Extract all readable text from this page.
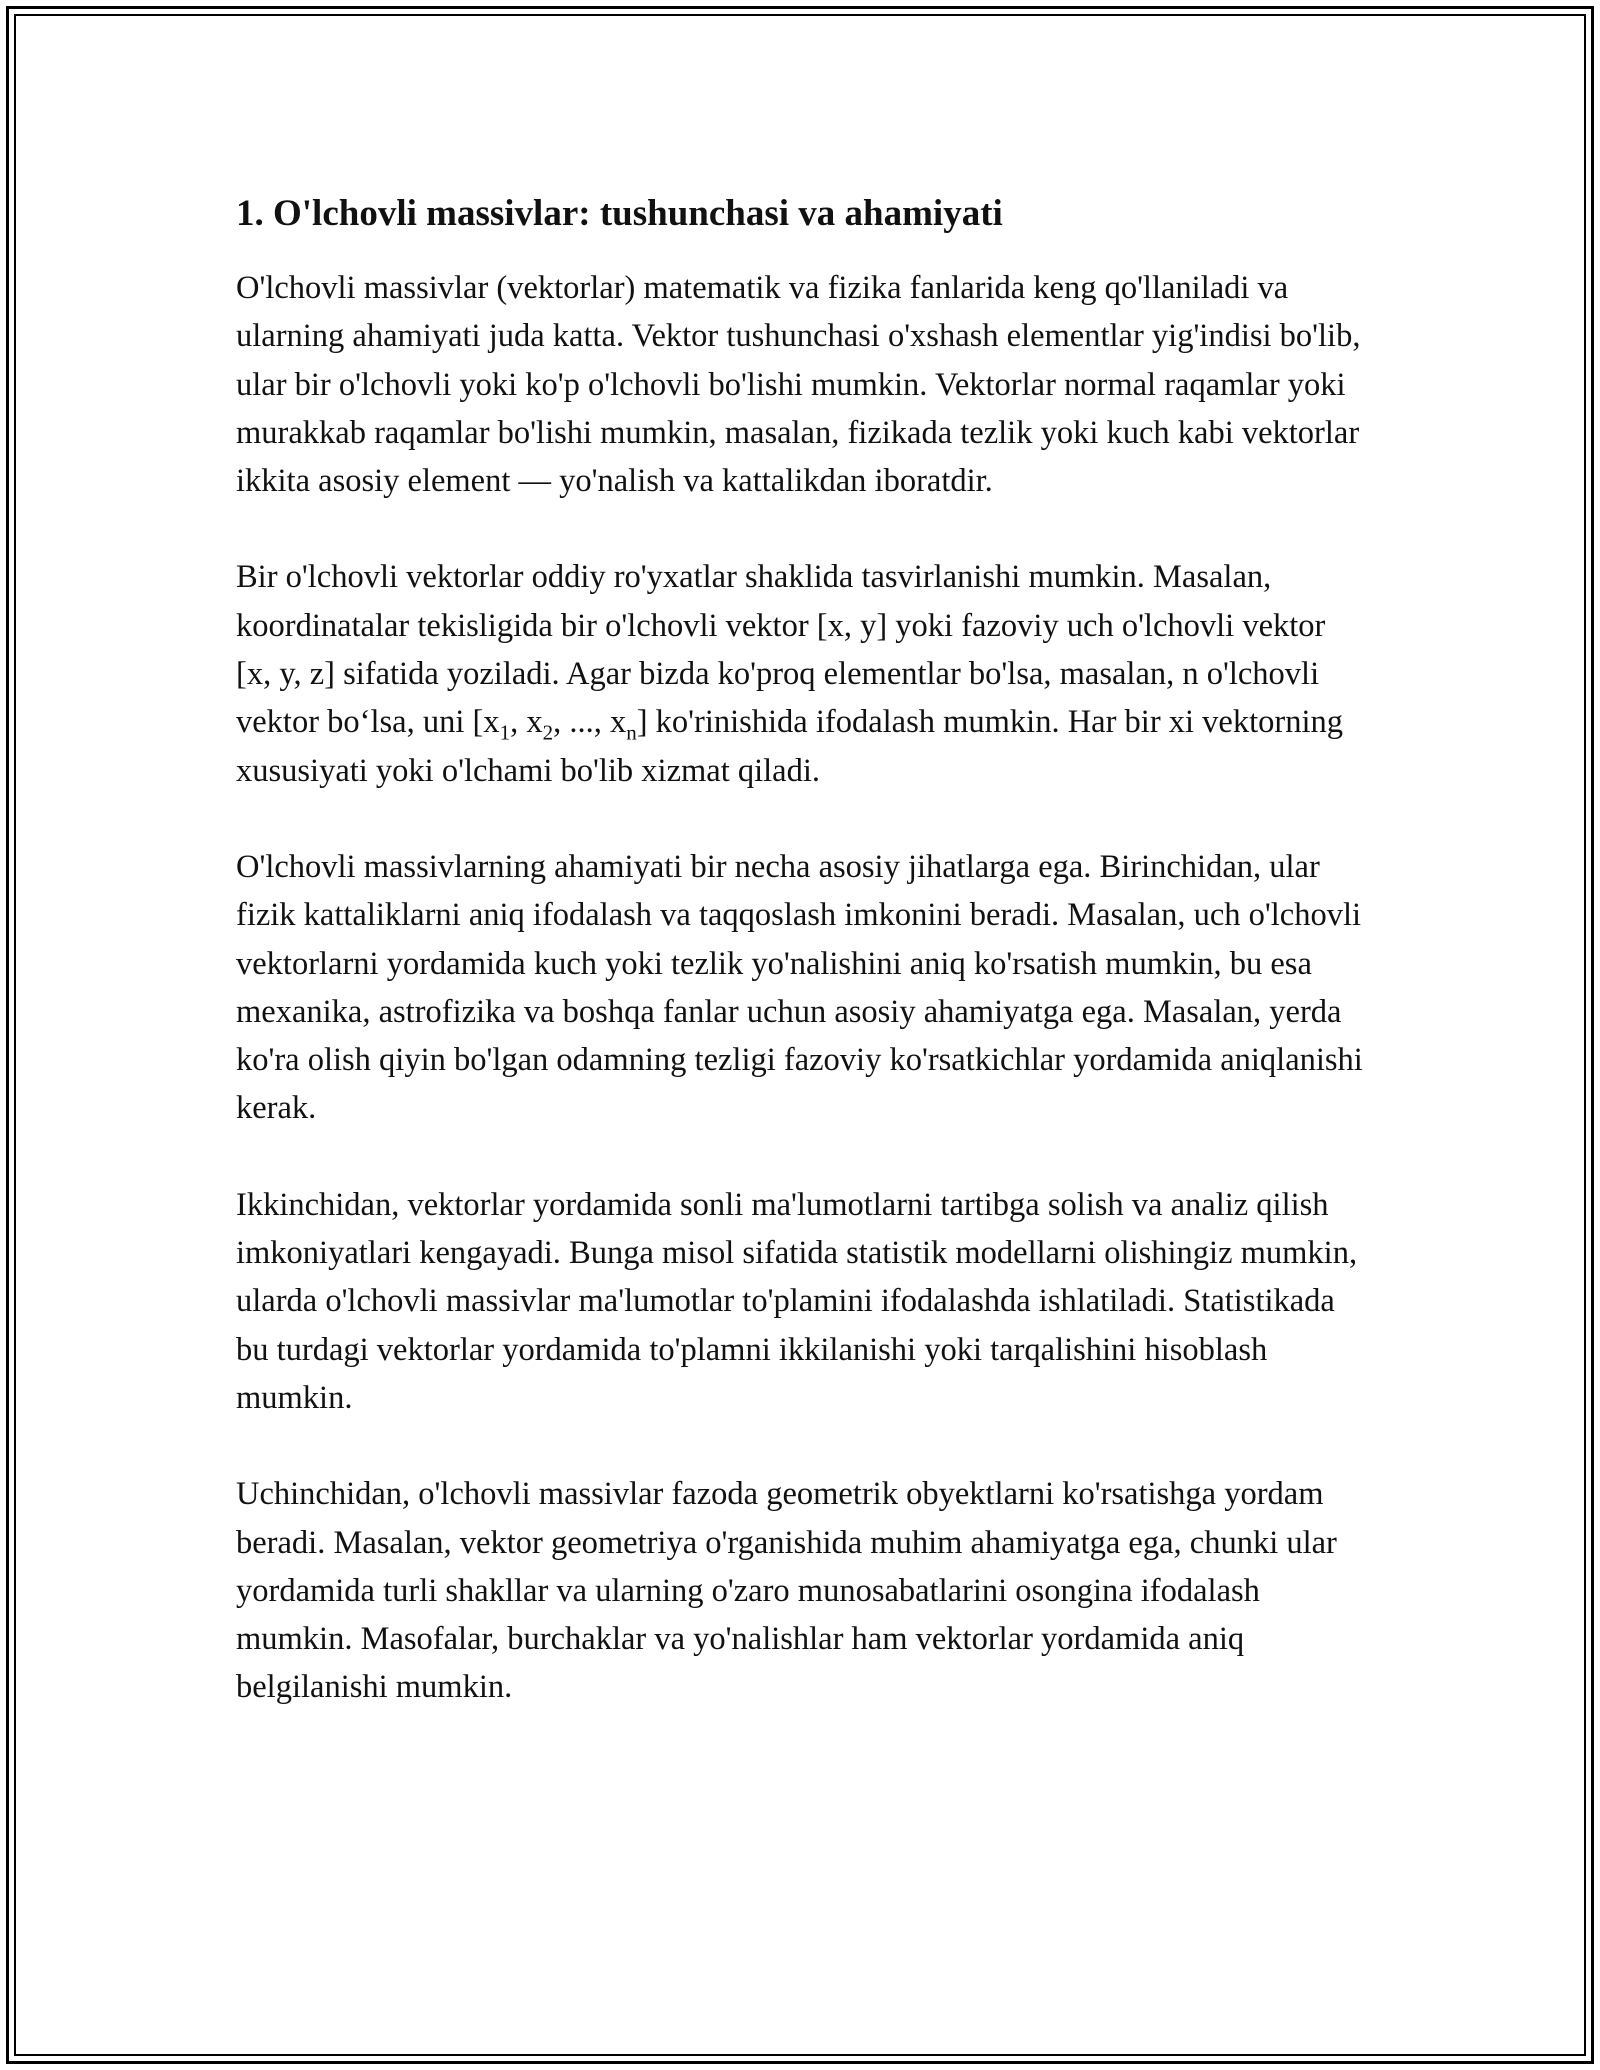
1. O'lchovli massivlar: tushunchasi va ahamiyati

O'lchovli massivlar (vektorlar) matematik va fizika fanlarida keng qo'llaniladi va ularning ahamiyati juda katta. Vektor tushunchasi o'xshash elementlar yig'indisi bo'lib, ular bir o'lchovli yoki ko'p o'lchovli bo'lishi mumkin. Vektorlar normal raqamlar yoki murakkab raqamlar bo'lishi mumkin, masalan, fizikada tezlik yoki kuch kabi vektorlar ikkita asosiy element — yo'nalish va kattalikdan iboratdir.

Bir o'lchovli vektorlar oddiy ro'yxatlar shaklida tasvirlanishi mumkin. Masalan, koordinatalar tekisligida bir o'lchovli vektor [x, y] yoki fazoviy uch o'lchovli vektor [x, y, z] sifatida yoziladi. Agar bizda ko'proq elementlar bo'lsa, masalan, n o'lchovli vektor bo‘lsa, uni [$x_1$, $x_2$, ..., $x_n$] ko'rinishida ifodalash mumkin. Har bir xi vektorning xususiyati yoki o'lchami bo'lib xizmat qiladi.

O'lchovli massivlarning ahamiyati bir necha asosiy jihatlarga ega. Birinchidan, ular fizik kattaliklarni aniq ifodalash va taqqoslash imkonini beradi. Masalan, uch o'lchovli vektorlarni yordamida kuch yoki tezlik yo'nalishini aniq ko'rsatish mumkin, bu esa mexanika, astrofizika va boshqa fanlar uchun asosiy ahamiyatga ega. Masalan, yerda ko'ra olish qiyin bo'lgan odamning tezligi fazoviy ko'rsatkichlar yordamida aniqlanishi kerak.

Ikkinchidan, vektorlar yordamida sonli ma'lumotlarni tartibga solish va analiz qilish imkoniyatlari kengayadi. Bunga misol sifatida statistik modellarni olishingiz mumkin, ularda o'lchovli massivlar ma'lumotlar to'plamini ifodalashda ishlatiladi. Statistikada bu turdagi vektorlar yordamida to'plamni ikkilanishi yoki tarqalishini hisoblash mumkin.

Uchinchidan, o'lchovli massivlar fazoda geometrik obyektlarni ko'rsatishga yordam beradi. Masalan, vektor geometriya o'rganishida muhim ahamiyatga ega, chunki ular yordamida turli shakllar va ularning o'zaro munosabatlarini osongina ifodalash mumkin. Masofalar, burchaklar va yo'nalishlar ham vektorlar yordamida aniq belgilanishi mumkin.
